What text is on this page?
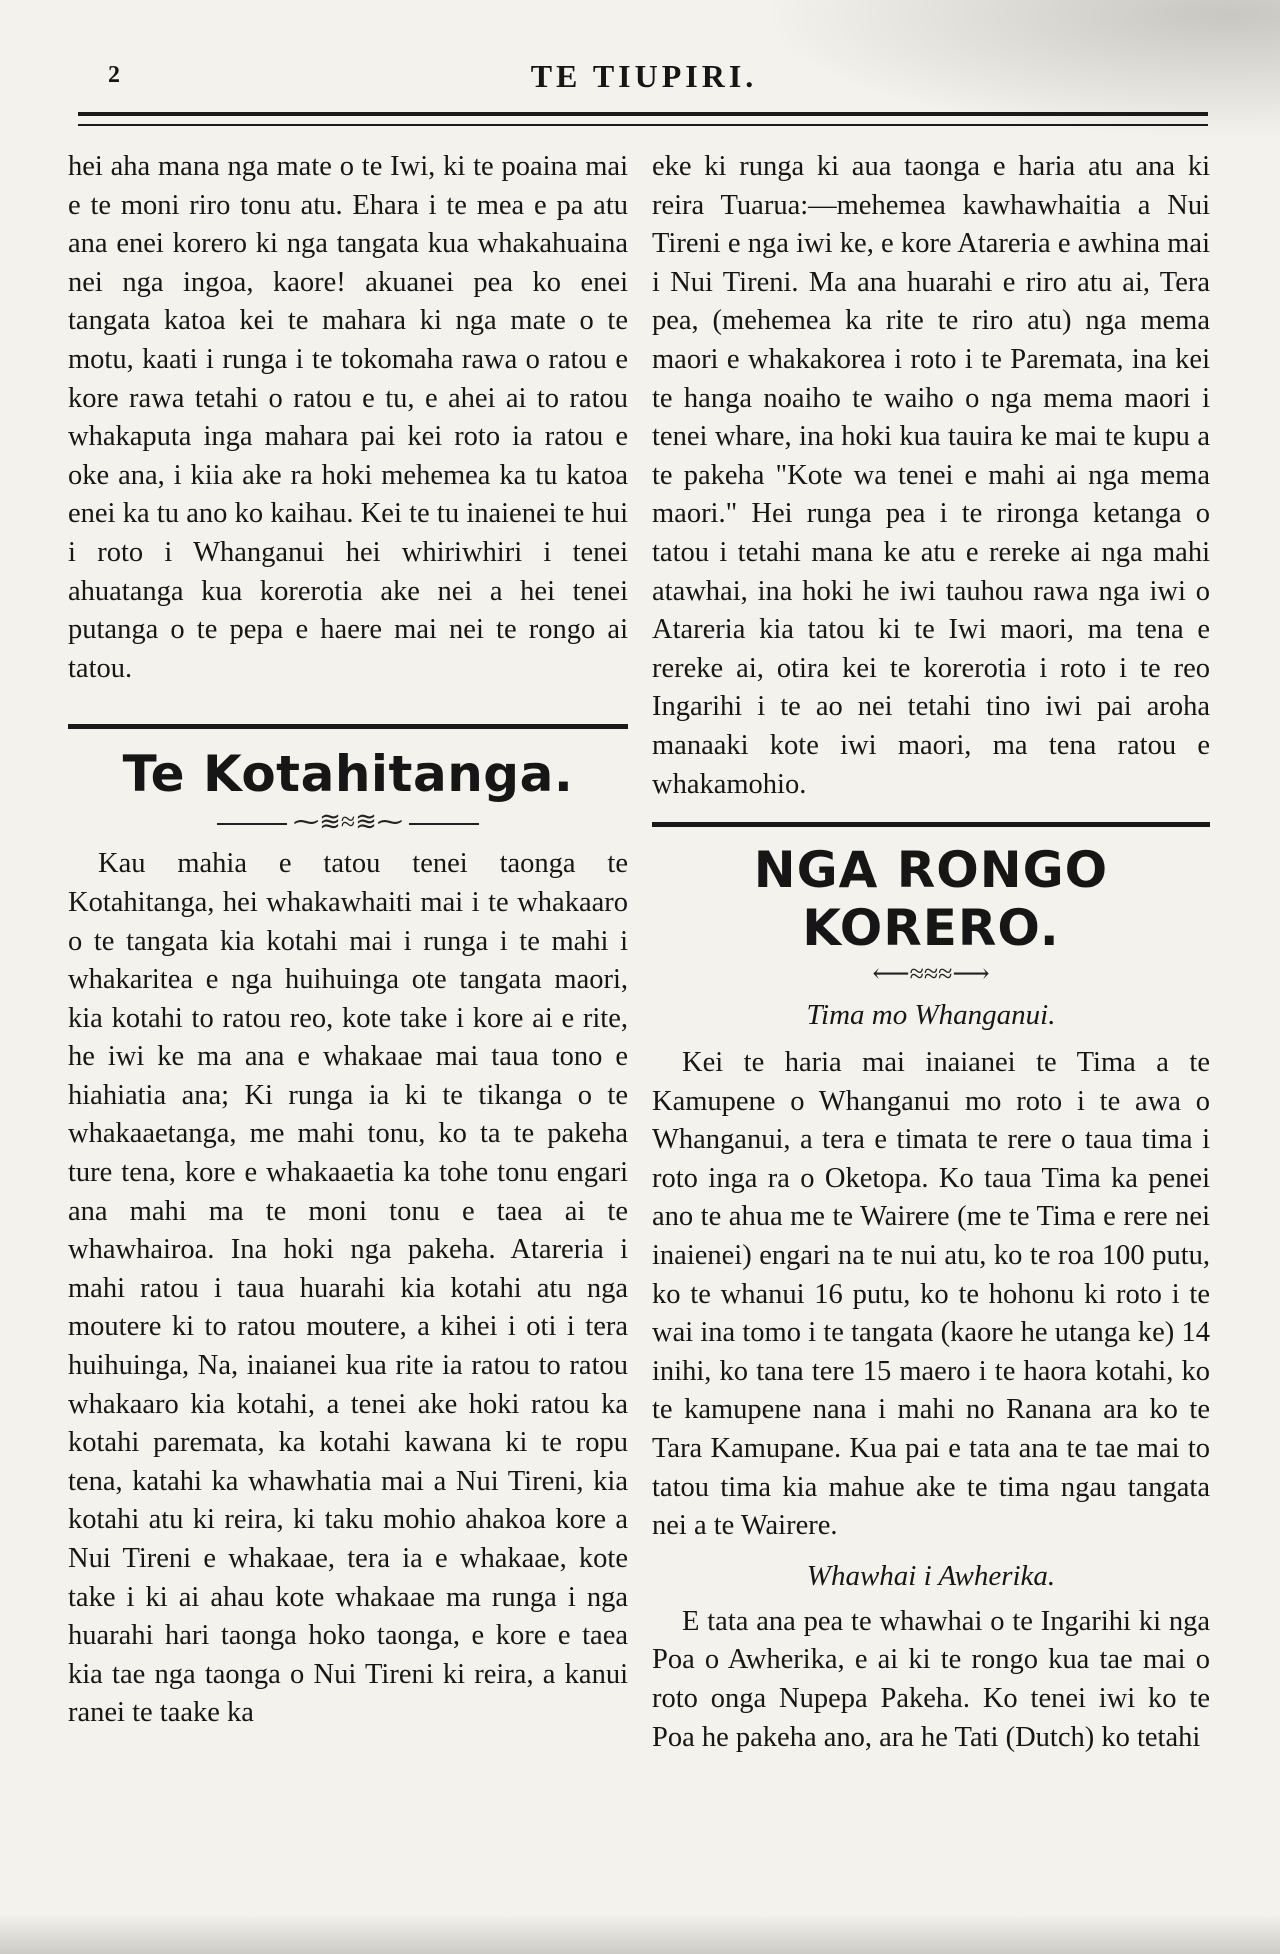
2	TE TIUPIRI.

hei aha mana nga mate o te Iwi, ki te poaina mai e te moni riro tonu atu. Ehara i te mea e pa atu ana enei korero ki nga tangata kua whakahuaina nei nga ingoa, kaore! akuanei pea ko enei tangata katoa kei te mahara ki nga mate o te motu, kaati i runga i te tokomaha rawa o ratou e kore rawa tetahi o ratou e tu, e ahei ai to ratou whakaputa inga mahara pai kei roto ia ratou e oke ana, i kiia ake ra hoki mehemea ka tu katoa enei ka tu ano ko kaihau. Kei te tu inaienei te hui i roto i Whanganui hei whiriwhiri i tenei ahuatanga kua korerotia ake nei a hei tenei putanga o te pepa e haere mai nei te rongo ai tatou.

Te Kotahitanga.
⁓≋≈≋⁓

Kau mahia e tatou tenei taonga te Kotahitanga, hei whakawhaiti mai i te whakaaro o te tangata kia kotahi mai i runga i te mahi i whakaritea e nga huihuinga ote tangata maori, kia kotahi to ratou reo, kote take i kore ai e rite, he iwi ke ma ana e whakaae mai taua tono e hiahiatia ana; Ki runga ia ki te tikanga o te whakaaetanga, me mahi tonu, ko ta te pakeha ture tena, kore e whakaaetia ka tohe tonu engari ana mahi ma te moni tonu e taea ai te whawhairoa. Ina hoki nga pakeha. Atareria i mahi ratou i taua huarahi kia kotahi atu nga moutere ki to ratou moutere, a kihei i oti i tera huihuinga, Na, inaianei kua rite ia ratou to ratou whakaaro kia kotahi, a tenei ake hoki ratou ka kotahi paremata, ka kotahi kawana ki te ropu tena, katahi ka whawhatia mai a Nui Tireni, kia kotahi atu ki reira, ki taku mohio ahakoa kore a Nui Tireni e whakaae, tera ia e whakaae, kote take i ki ai ahau kote whakaae ma runga i nga huarahi hari taonga hoko taonga, e kore e taea kia tae nga taonga o Nui Tireni ki reira, a kanui ranei te taake ka

eke ki runga ki aua taonga e haria atu ana ki reira Tuarua:—mehemea kawhawhaitia a Nui Tireni e nga iwi ke, e kore Atareria e awhina mai i Nui Tireni. Ma ana huarahi e riro atu ai, Tera pea, (mehemea ka rite te riro atu) nga mema maori e whakakorea i roto i te Paremata, ina kei te hanga noaiho te waiho o nga mema maori i tenei whare, ina hoki kua tauira ke mai te kupu a te pakeha "Kote wa tenei e mahi ai nga mema maori." Hei runga pea i te rironga ketanga o tatou i tetahi mana ke atu e rereke ai nga mahi atawhai, ina hoki he iwi tauhou rawa nga iwi o Atareria kia tatou ki te Iwi maori, ma tena e rereke ai, otira kei te korerotia i roto i te reo Ingarihi i te ao nei tetahi tino iwi pai aroha manaaki kote iwi maori, ma tena ratou e whakamohio.

NGA RONGO KORERO.
⟵≈≈≈⟶

Tima mo Whanganui.

Kei te haria mai inaianei te Tima a te Kamupene o Whanganui mo roto i te awa o Whanganui, a tera e timata te rere o taua tima i roto inga ra o Oketopa. Ko taua Tima ka penei ano te ahua me te Wairere (me te Tima e rere nei inaienei) engari na te nui atu, ko te roa 100 putu, ko te whanui 16 putu, ko te hohonu ki roto i te wai ina tomo i te tangata (kaore he utanga ke) 14 inihi, ko tana tere 15 maero i te haora kotahi, ko te kamupene nana i mahi no Ranana ara ko te Tara Kamupane. Kua pai e tata ana te tae mai to tatou tima kia mahue ake te tima ngau tangata nei a te Wairere.

Whawhai i Awherika.

E tata ana pea te whawhai o te Ingarihi ki nga Poa o Awherika, e ai ki te rongo kua tae mai o roto onga Nupepa Pakeha. Ko tenei iwi ko te Poa he pakeha ano, ara he Tati (Dutch) ko tetahi
